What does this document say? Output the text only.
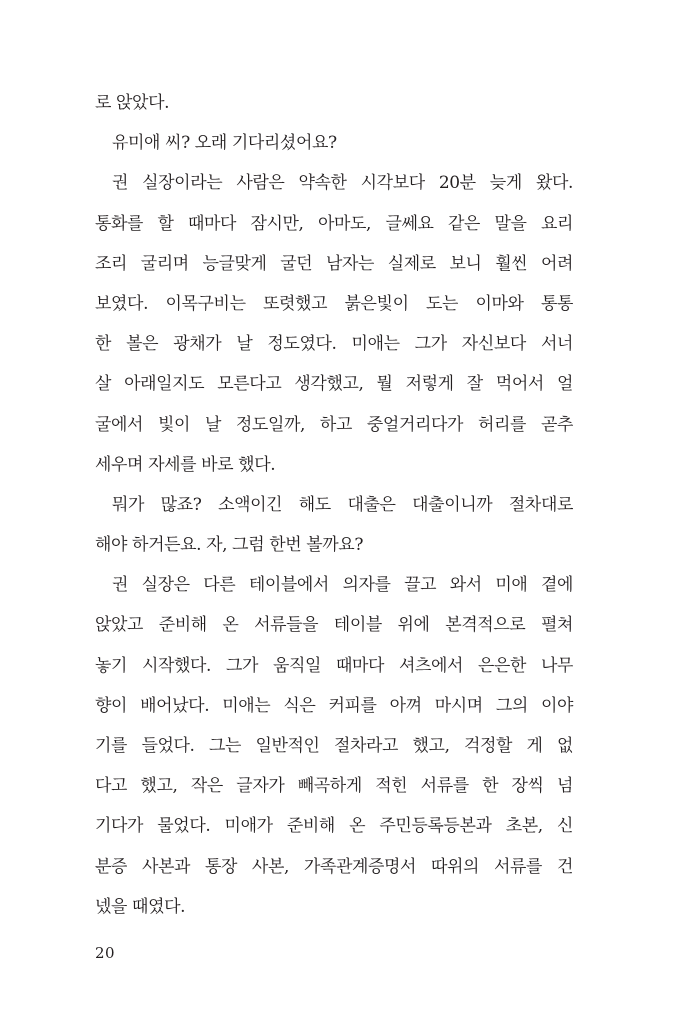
로 앉았다.
유미애 씨? 오래 기다리셨어요?
권 실장이라는 사람은 약속한 시각보다 20분 늦게 왔다.
통화를 할 때마다 잠시만, 아마도, 글쎄요 같은 말을 요리
조리 굴리며 능글맞게 굴던 남자는 실제로 보니 훨씬 어려
보였다. 이목구비는 또렷했고 붉은빛이 도는 이마와 통통
한 볼은 광채가 날 정도였다. 미애는 그가 자신보다 서너
살 아래일지도 모른다고 생각했고, 뭘 저렇게 잘 먹어서 얼
굴에서 빛이 날 정도일까, 하고 중얼거리다가 허리를 곧추
세우며 자세를 바로 했다.
뭐가 많죠? 소액이긴 해도 대출은 대출이니까 절차대로
해야 하거든요. 자, 그럼 한번 볼까요?
권 실장은 다른 테이블에서 의자를 끌고 와서 미애 곁에
앉았고 준비해 온 서류들을 테이블 위에 본격적으로 펼쳐
놓기 시작했다. 그가 움직일 때마다 셔츠에서 은은한 나무
향이 배어났다. 미애는 식은 커피를 아껴 마시며 그의 이야
기를 들었다. 그는 일반적인 절차라고 했고, 걱정할 게 없
다고 했고, 작은 글자가 빼곡하게 적힌 서류를 한 장씩 넘
기다가 물었다. 미애가 준비해 온 주민등록등본과 초본, 신
분증 사본과 통장 사본, 가족관계증명서 따위의 서류를 건
넸을 때였다.
20
